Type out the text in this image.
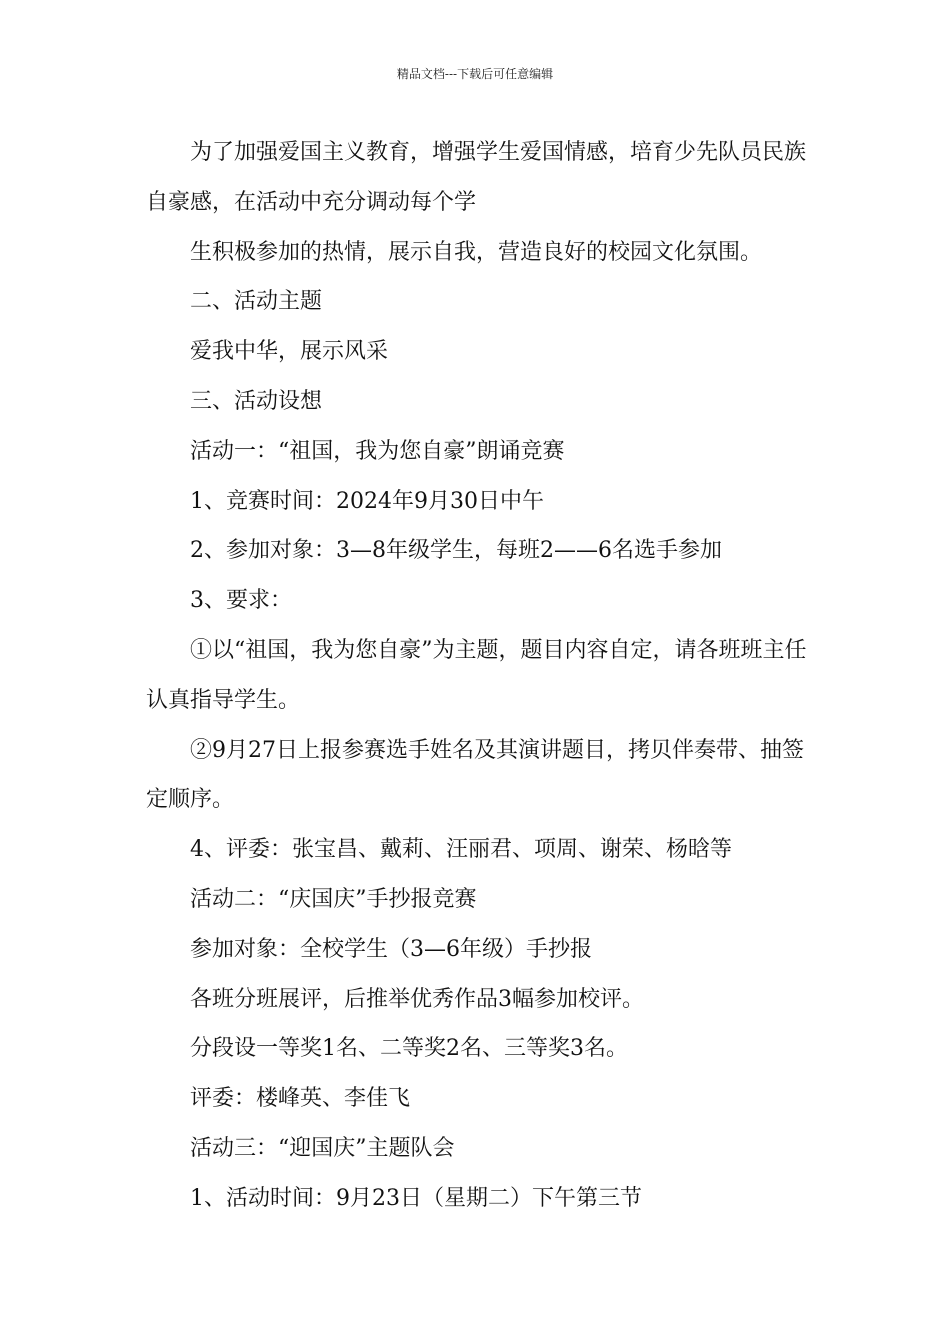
精品文档---下载后可任意编辑

为了加强爱国主义教育，增强学生爱国情感，培育少先队员民族自豪感，在活动中充分调动每个学

生积极参加的热情，展示自我，营造良好的校园文化氛围。

二、活动主题

爱我中华，展示风采

三、活动设想

活动一：“祖国，我为您自豪”朗诵竞赛

1、竞赛时间：2024年9月30日中午

2、参加对象：3—8年级学生，每班2——6名选手参加

3、要求：

①以“祖国，我为您自豪”为主题，题目内容自定，请各班班主任认真指导学生。

②9月27日上报参赛选手姓名及其演讲题目，拷贝伴奏带、抽签定顺序。

4、评委：张宝昌、戴莉、汪丽君、项周、谢荣、杨晗等

活动二：“庆国庆”手抄报竞赛

参加对象：全校学生（3—6年级）手抄报

各班分班展评，后推举优秀作品3幅参加校评。

分段设一等奖1名、二等奖2名、三等奖3名。

评委：楼峰英、李佳飞

活动三：“迎国庆”主题队会

1、活动时间：9月23日（星期二）下午第三节
